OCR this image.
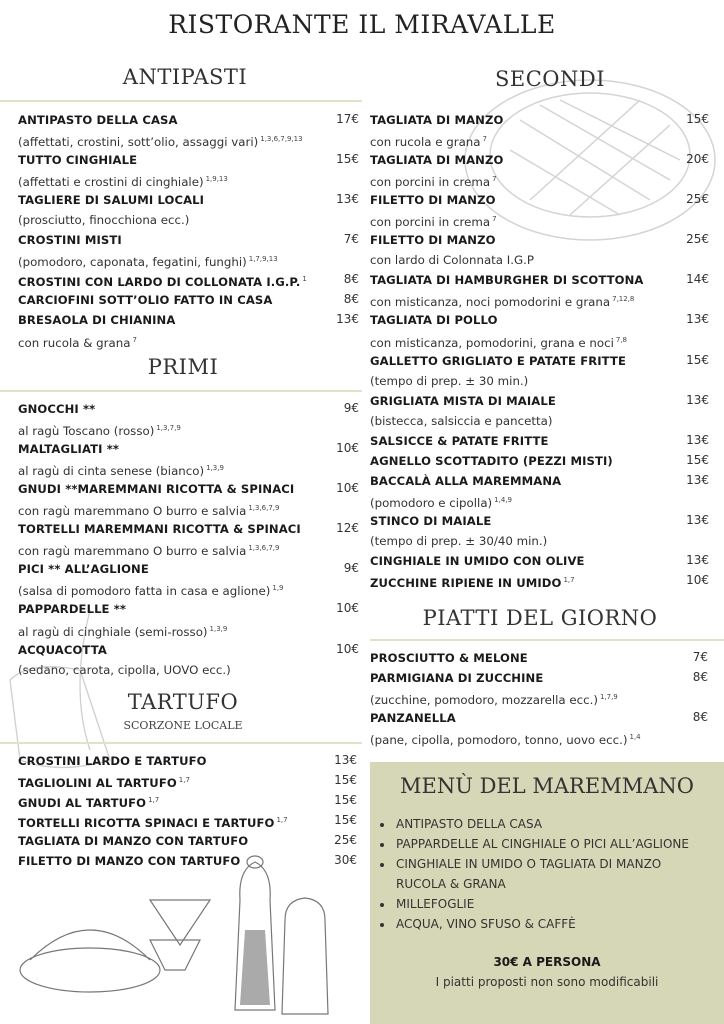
RISTORANTE IL MIRAVALLE
ANTIPASTI
ANTIPASTO DELLA CASA	17€
(affettati, crostini, sott’olio, assaggi vari) $^{1,3,6,7,9,13}$
TUTTO CINGHIALE	15€
(affettati e crostini di cinghiale) $^{1,9,13}$
TAGLIERE DI SALUMI LOCALI	13€
(prosciutto, finocchiona ecc.)
CROSTINI MISTI	7€
(pomodoro, caponata, fegatini, funghi) $^{1,7,9,13}$
CROSTINI CON LARDO DI COLLONATA I.G.P. $^1$	8€
CARCIOFINI SOTT’OLIO FATTO IN CASA	8€
BRESAOLA DI CHIANINA	13€
con rucola & grana $^7$
PRIMI
GNOCCHI **	9€
al ragù Toscano (rosso) $^{1,3,7,9}$
MALTAGLIATI **	10€
al ragù di cinta senese (bianco) $^{1,3,9}$
GNUDI **MAREMMANI RICOTTA & SPINACI	10€
con ragù maremmano O burro e salvia $^{1,3,6,7,9}$
TORTELLI MAREMMANI RICOTTA & SPINACI	12€
con ragù maremmano O burro e salvia $^{1,3,6,7,9}$
PICI ** ALL’AGLIONE	9€
(salsa di pomodoro fatta in casa e aglione) $^{1,9}$
PAPPARDELLE **	10€
al ragù di cinghiale (semi-rosso) $^{1,3,9}$
ACQUACOTTA	10€
(sedano, carota, cipolla, UOVO ecc.)
TARTUFO
SCORZONE LOCALE
CROSTINI LARDO E TARTUFO	13€
TAGLIOLINI AL TARTUFO $^{1,7}$	15€
GNUDI AL TARTUFO $^{1,7}$	15€
TORTELLI RICOTTA SPINACI E TARTUFO $^{1,7}$	15€
TAGLIATA DI MANZO CON TARTUFO	25€
FILETTO DI MANZO CON TARTUFO	30€
SECONDI
TAGLIATA DI MANZO	15€
con rucola e grana $^7$
TAGLIATA DI MANZO	20€
con porcini in crema $^7$
FILETTO DI MANZO	25€
con porcini in crema $^7$
FILETTO DI MANZO	25€
con lardo di Colonnata I.G.P
TAGLIATA DI HAMBURGHER DI SCOTTONA	14€
con misticanza, noci pomodorini e grana $^{7,12,8}$
TAGLIATA DI POLLO	13€
con misticanza, pomodorini, grana e noci $^{7,8}$
GALLETTO GRIGLIATO E PATATE FRITTE	15€
(tempo di prep. ± 30 min.)
GRIGLIATA MISTA DI MAIALE	13€
(bistecca, salsiccia e pancetta)
SALSICCE & PATATE FRITTE	13€
AGNELLO SCOTTADITO (PEZZI MISTI)	15€
BACCALÀ ALLA MAREMMANA	13€
(pomodoro e cipolla) $^{1,4,9}$
STINCO DI MAIALE	13€
(tempo di prep. ± 30/40 min.)
CINGHIALE IN UMIDO CON OLIVE	13€
ZUCCHINE RIPIENE IN UMIDO $^{1,7}$	10€
PIATTI DEL GIORNO
PROSCIUTTO & MELONE	7€
PARMIGIANA DI ZUCCHINE	8€
(zucchine, pomodoro, mozzarella ecc.) $^{1,7,9}$
PANZANELLA	8€
(pane, cipolla, pomodoro, tonno, uovo ecc.) $^{1,4}$
MENÙ DEL MAREMMANO
• ANTIPASTO DELLA CASA
• PAPPARDELLE AL CINGHIALE O PICI ALL’AGLIONE
• CINGHIALE IN UMIDO O TAGLIATA DI MANZO RUCOLA & GRANA
• MILLEFOGLIE
• ACQUA, VINO SFUSO & CAFFÈ
30€ A PERSONA
I piatti proposti non sono modificabili
